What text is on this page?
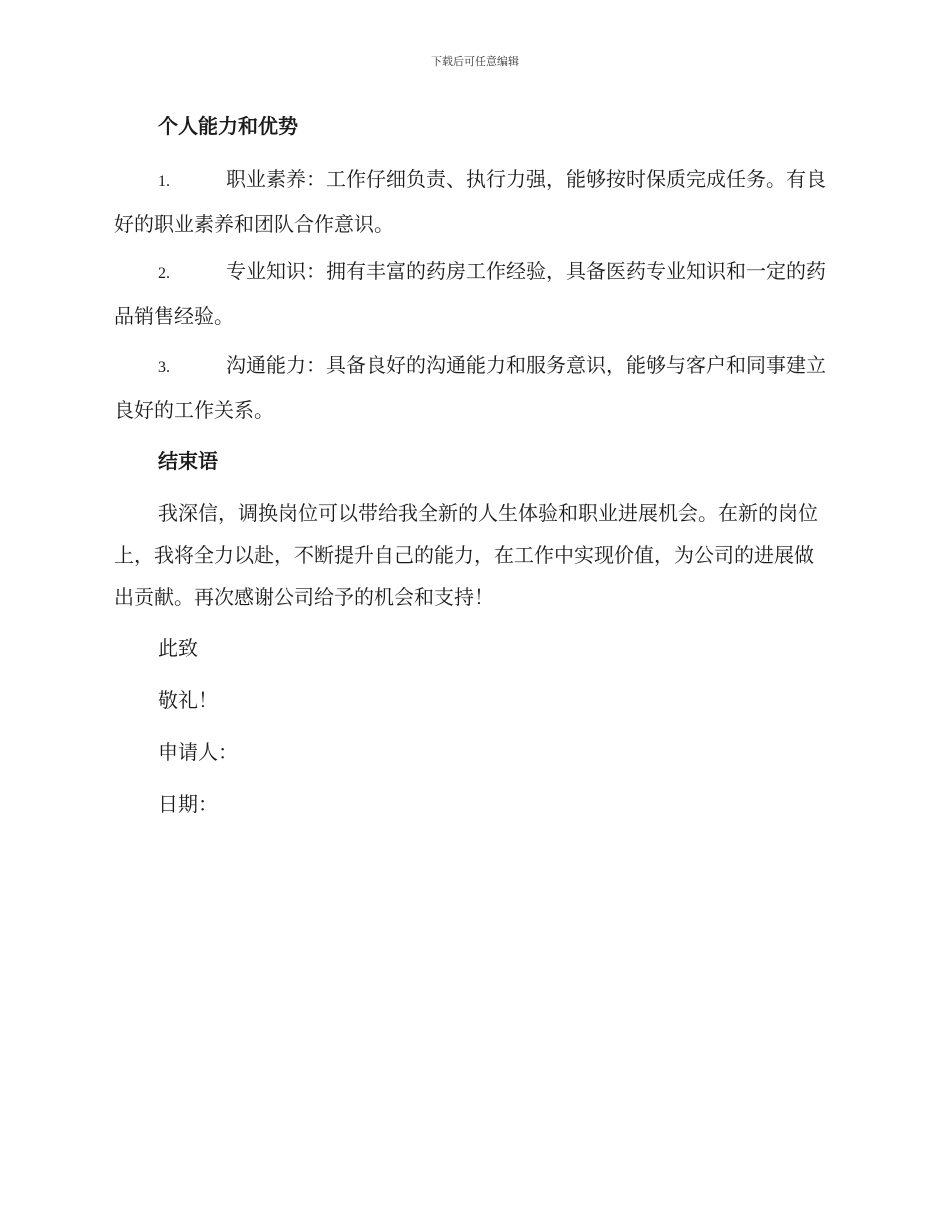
下载后可任意编辑
个人能力和优势
1.	职业素养：工作仔细负责、执行力强，能够按时保质完成任务。有良好的职业素养和团队合作意识。
2.	专业知识：拥有丰富的药房工作经验，具备医药专业知识和一定的药品销售经验。
3.	沟通能力：具备良好的沟通能力和服务意识，能够与客户和同事建立良好的工作关系。
结束语
我深信，调换岗位可以带给我全新的人生体验和职业进展机会。在新的岗位上，我将全力以赴，不断提升自己的能力，在工作中实现价值，为公司的进展做出贡献。再次感谢公司给予的机会和支持！
此致
敬礼！
申请人：
日期：
